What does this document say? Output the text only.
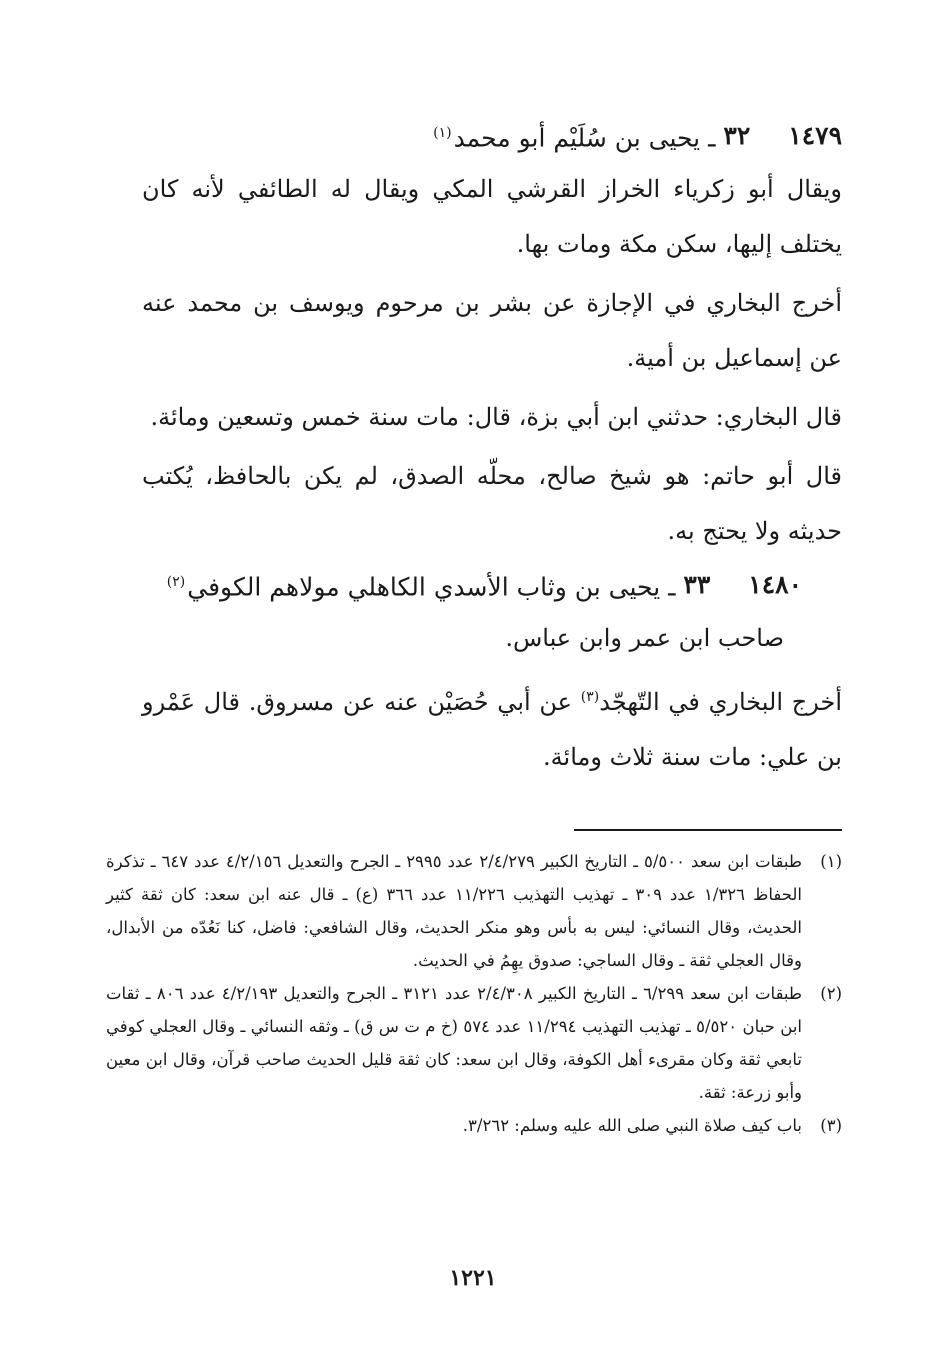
١٤٧٩
٣٢
ـ يحيى بن سُلَيْم أبو محمد$^{(١)}$

ويقال أبو زكرياء الخراز القرشي المكي ويقال له الطائفي لأنه كان يختلف إليها، سكن مكة ومات بها.

أخرج البخاري في الإجازة عن بشر بن مرحوم ويوسف بن محمد عنه عن إسماعيل بن أمية.

قال البخاري: حدثني ابن أبي بزة، قال: مات سنة خمس وتسعين ومائة.

قال أبو حاتم: هو شيخ صالح، محلّه الصدق، لم يكن بالحافظ، يُكتب حديثه ولا يحتج به.

١٤٨٠
٣٣
ـ يحيى بن وثاب الأسدي الكاهلي مولاهم الكوفي$^{(٢)}$

صاحب ابن عمر وابن عباس.

أخرج البخاري في التّهجّد$^{(٣)}$ عن أبي حُصَيْن عنه عن مسروق. قال عَمْرو بن علي: مات سنة ثلاث ومائة.

(١)
طبقات ابن سعد ٥/٥٠٠ ـ التاريخ الكبير ٢/٤/٢٧٩ عدد ٢٩٩٥ ـ الجرح والتعديل ٤/٢/١٥٦ عدد ٦٤٧ ـ تذكرة الحفاظ ١/٣٢٦ عدد ٣٠٩ ـ تهذيب التهذيب ١١/٢٢٦ عدد ٣٦٦ (ع) ـ قال عنه ابن سعد: كان ثقة كثير الحديث، وقال النسائي: ليس به بأس وهو منكر الحديث، وقال الشافعي: فاضل، كنا نَعُدّه من الأبدال، وقال العجلي ثقة ـ وقال الساجي: صدوق يهِمُ في الحديث.
(٢)
طبقات ابن سعد ٦/٢٩٩ ـ التاريخ الكبير ٢/٤/٣٠٨ عدد ٣١٢١ ـ الجرح والتعديل ٤/٢/١٩٣ عدد ٨٠٦ ـ ثقات ابن حبان ٥/٥٢٠ ـ تهذيب التهذيب ١١/٢٩٤ عدد ٥٧٤ (خ م ت س ق) ـ وثقه النسائي ـ وقال العجلي كوفي تابعي ثقة وكان مقرىء أهل الكوفة، وقال ابن سعد: كان ثقة قليل الحديث صاحب قرآن، وقال ابن معين وأبو زرعة: ثقة.
(٣)
باب كيف صلاة النبي صلى الله عليه وسلم: ٣/٢٦٢.
١٢٢١
